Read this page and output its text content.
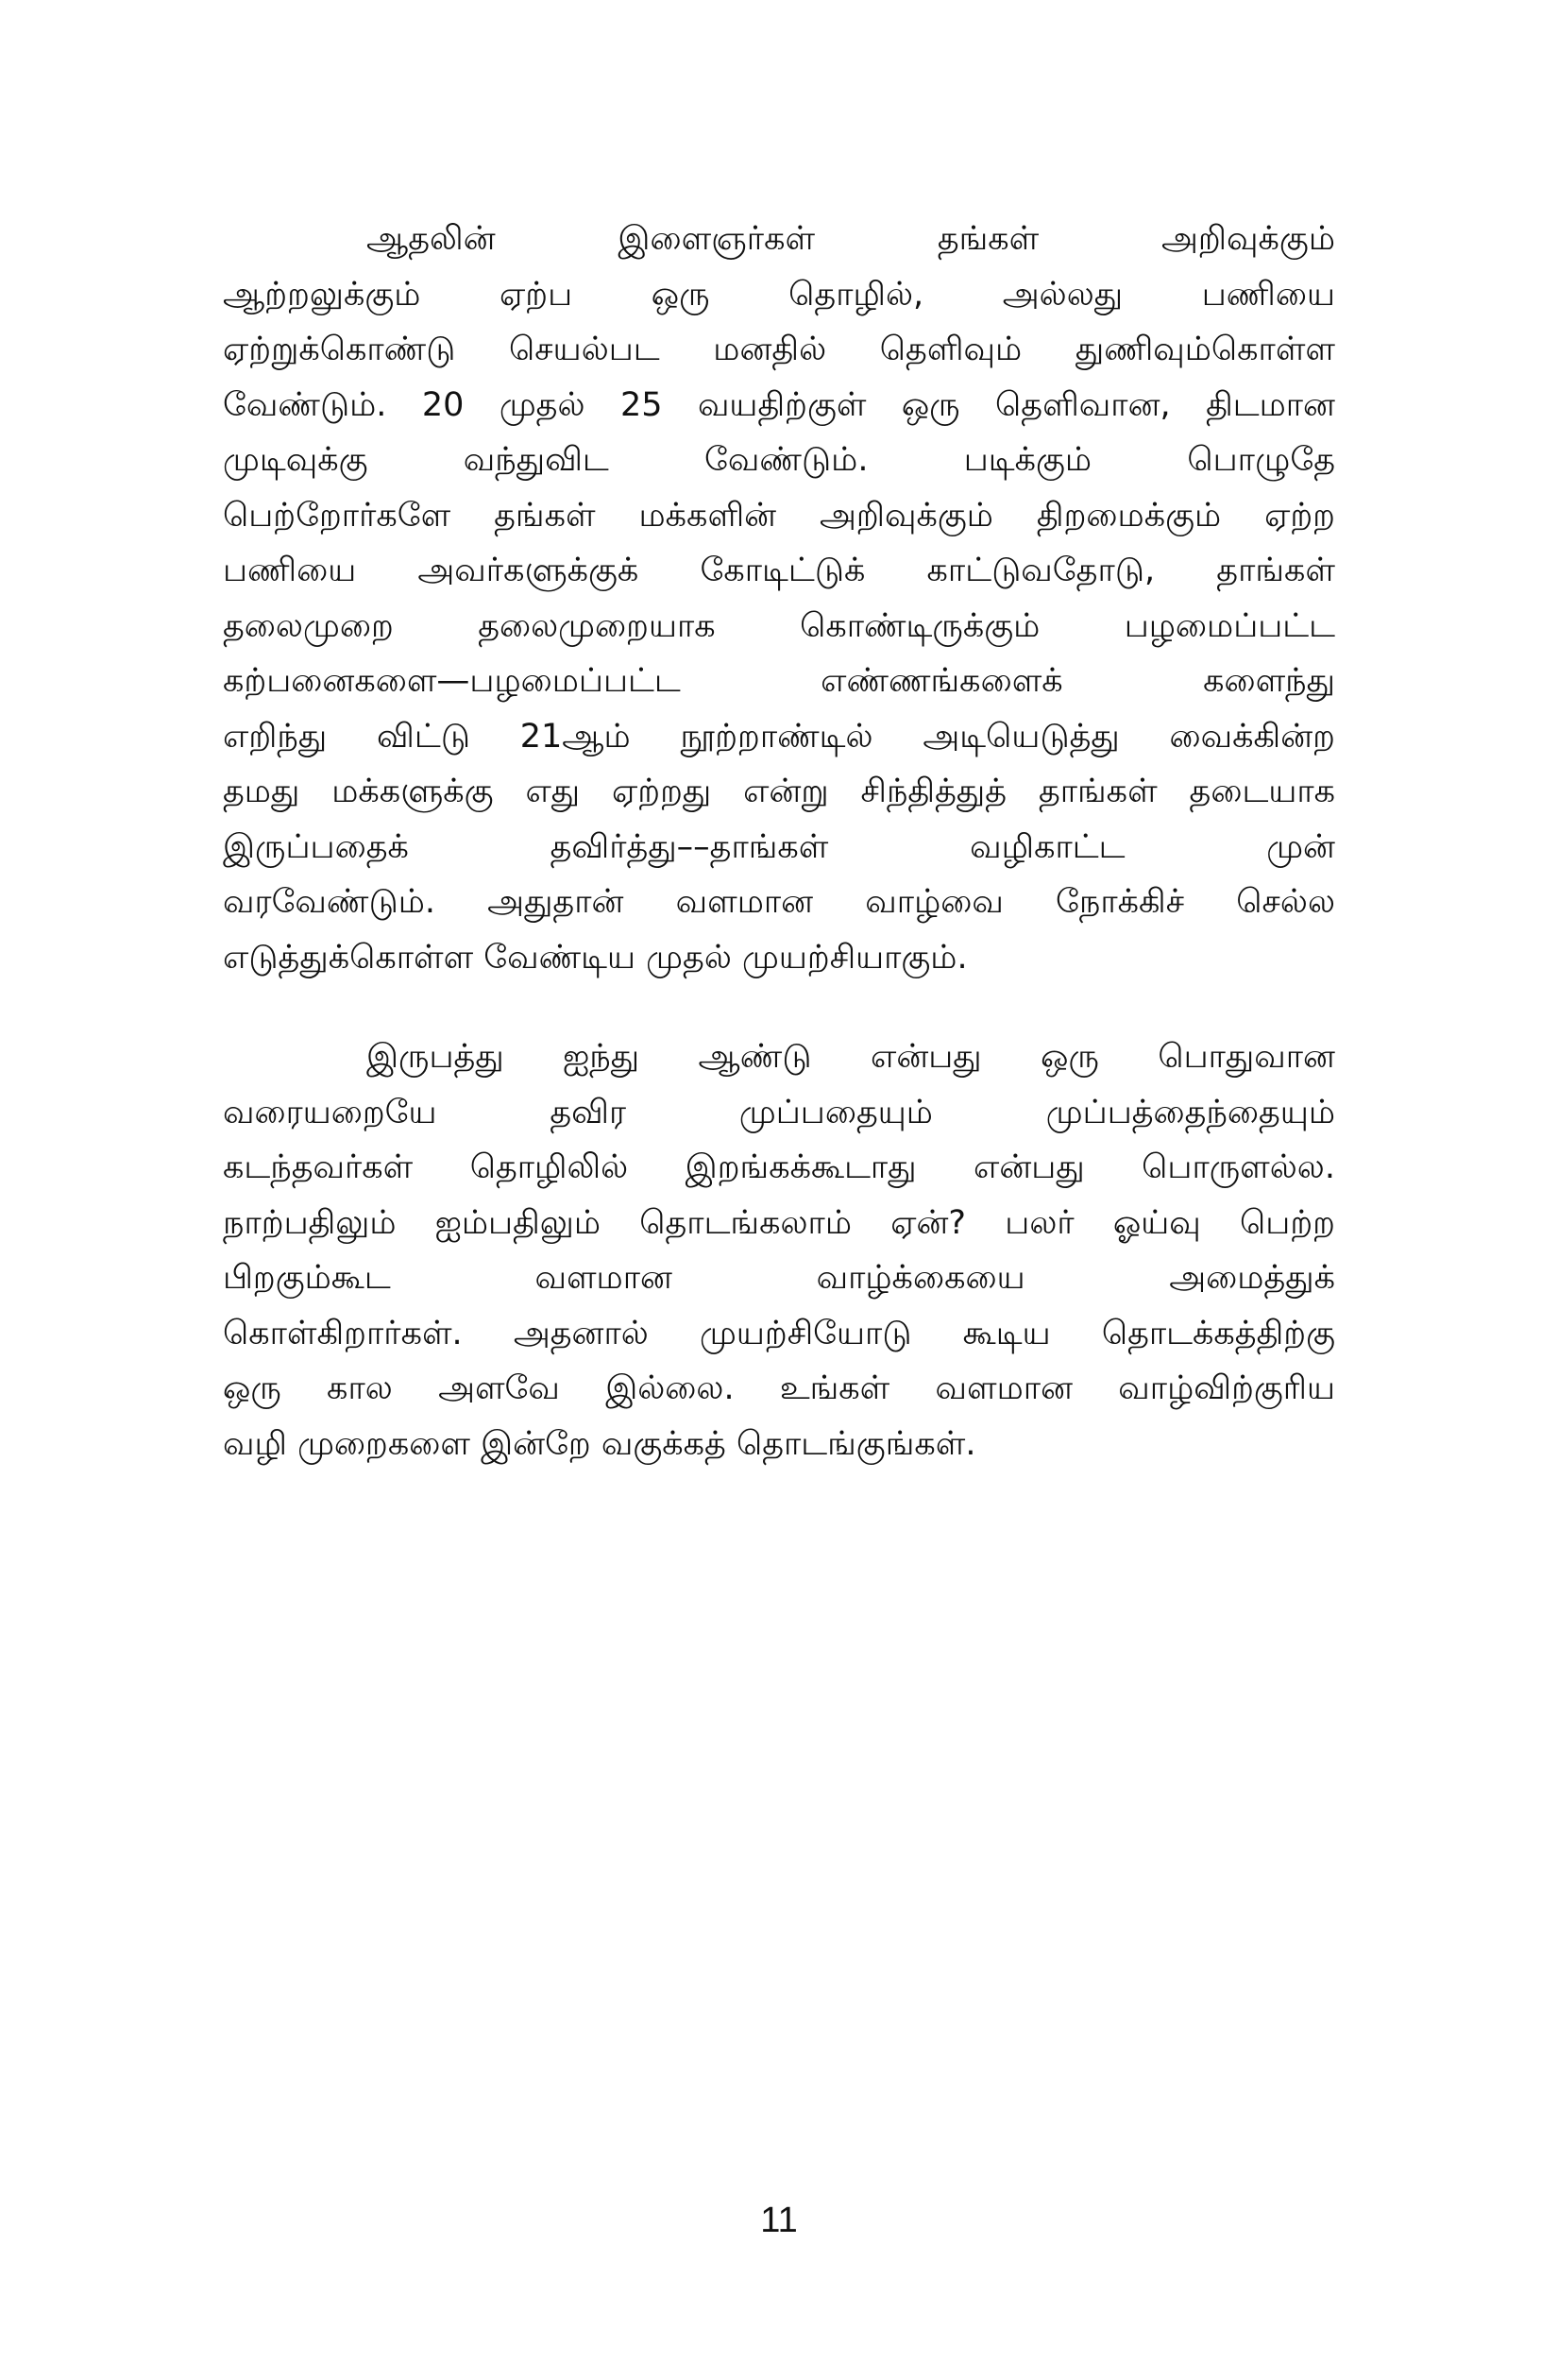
ஆதலின் இளைஞர்கள் தங்கள் அறிவுக்கும்
ஆற்றலுக்கும் ஏற்ப ஒரு தொழில், அல்லது பணியை
ஏற்றுக்கொண்டு செயல்பட மனதில் தெளிவும் துணிவும்கொள்ள
வேண்டும். 20 முதல் 25 வயதிற்குள் ஒரு தெளிவான, திடமான
முடிவுக்கு வந்துவிட வேண்டும். படிக்கும் பொழுதே
பெற்றோர்களே தங்கள் மக்களின் அறிவுக்கும் திறமைக்கும் ஏற்ற
பணியை அவர்களுக்குக் கோடிட்டுக் காட்டுவதோடு, தாங்கள்
தலைமுறை தலைமுறையாக கொண்டிருக்கும் பழமைப்பட்ட
கற்பனைகளை—பழமைப்பட்ட எண்ணங்களைக் களைந்து
எறிந்து விட்டு 21ஆம் நூற்றாண்டில் அடியெடுத்து வைக்கின்ற
தமது மக்களுக்கு எது ஏற்றது என்று சிந்தித்துத் தாங்கள் தடையாக
இருப்பதைக் தவிர்த்து––தாங்கள் வழிகாட்ட முன்
வரவேண்டும். அதுதான் வளமான வாழ்வை நோக்கிச் செல்ல
எடுத்துக்கொள்ள வேண்டிய முதல் முயற்சியாகும்.
இருபத்து ஐந்து ஆண்டு என்பது ஒரு பொதுவான
வரையறையே தவிர முப்பதையும் முப்பத்தைந்தையும்
கடந்தவர்கள் தொழிலில் இறங்கக்கூடாது என்பது பொருளல்ல.
நாற்பதிலும் ஐம்பதிலும் தொடங்கலாம் ஏன்? பலர் ஓய்வு பெற்ற
பிறகும்கூட வளமான வாழ்க்கையை அமைத்துக்
கொள்கிறார்கள். அதனால் முயற்சியோடு கூடிய தொடக்கத்திற்கு
ஒரு கால அளவே இல்லை. உங்கள் வளமான வாழ்விற்குரிய
வழி முறைகளை இன்றே வகுக்கத் தொடங்குங்கள்.
11
